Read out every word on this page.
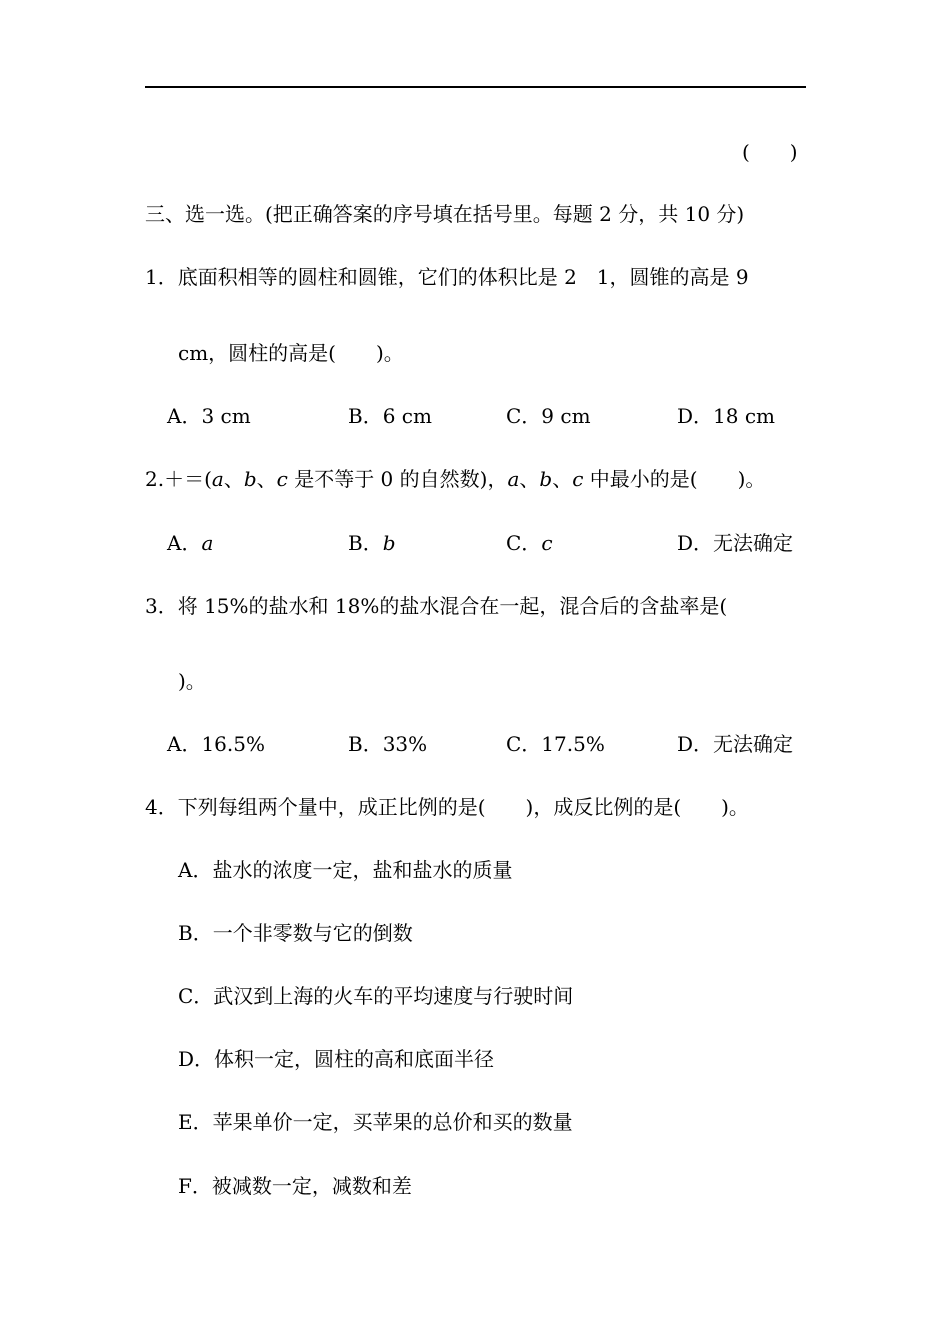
(　　)
三、选一选。(把正确答案的序号填在括号里。每题 2 分，共 10 分)
1．底面积相等的圆柱和圆锥，它们的体积比是 2　1，圆锥的高是 9
cm，圆柱的高是(　　)。
A．3 cm	B．6 cm	C．9 cm	D．18 cm
2.＋＝(a、b、c 是不等于 0 的自然数)，a、b、c 中最小的是(　　)。
A．a	B．b	C．c	D．无法确定
3．将 15%的盐水和 18%的盐水混合在一起，混合后的含盐率是(
)。
A．16.5%	B．33%	C．17.5%	D．无法确定
4．下列每组两个量中，成正比例的是(　　)，成反比例的是(　　)。
A．盐水的浓度一定，盐和盐水的质量
B．一个非零数与它的倒数
C．武汉到上海的火车的平均速度与行驶时间
D．体积一定，圆柱的高和底面半径
E．苹果单价一定，买苹果的总价和买的数量
F．被减数一定，减数和差
